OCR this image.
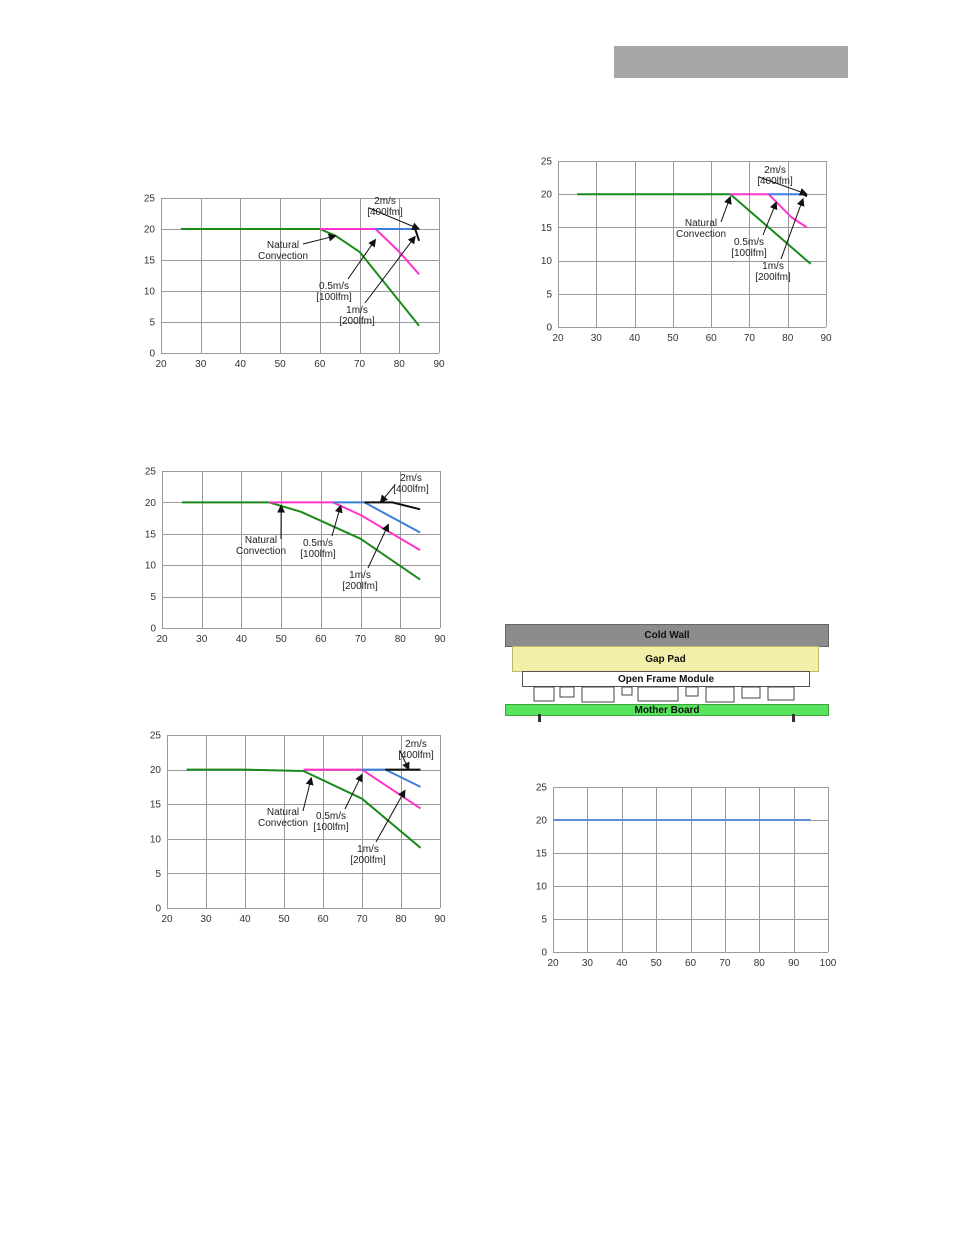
20	30	40	50	60	70	80	90
0
5
10
15
20
25
Natural Convection
0.5m/s [100lfm]
1m/s [200lfm]
2m/s [400lfm]
20	30	40	50	60	70	80	90
0
5
10
15
20
25
Natural Convection
0.5m/s [100lfm]
1m/s [200lfm]
2m/s [400lfm]
20	30	40	50	60	70	80	90
0
5
10
15
20
25
Natural Convection
0.5m/s [100lfm]
1m/s [200lfm]
2m/s [400lfm]
20	30	40	50	60	70	80	90
0
5
10
15
20
25
Natural Convection
0.5m/s [100lfm]
1m/s [200lfm]
2m/s [400lfm]
20 30 40 50 60 70 80 90 100
0
5
10
15
20
25
Cold Wall
Gap Pad
Open Frame Module
Mother Board
